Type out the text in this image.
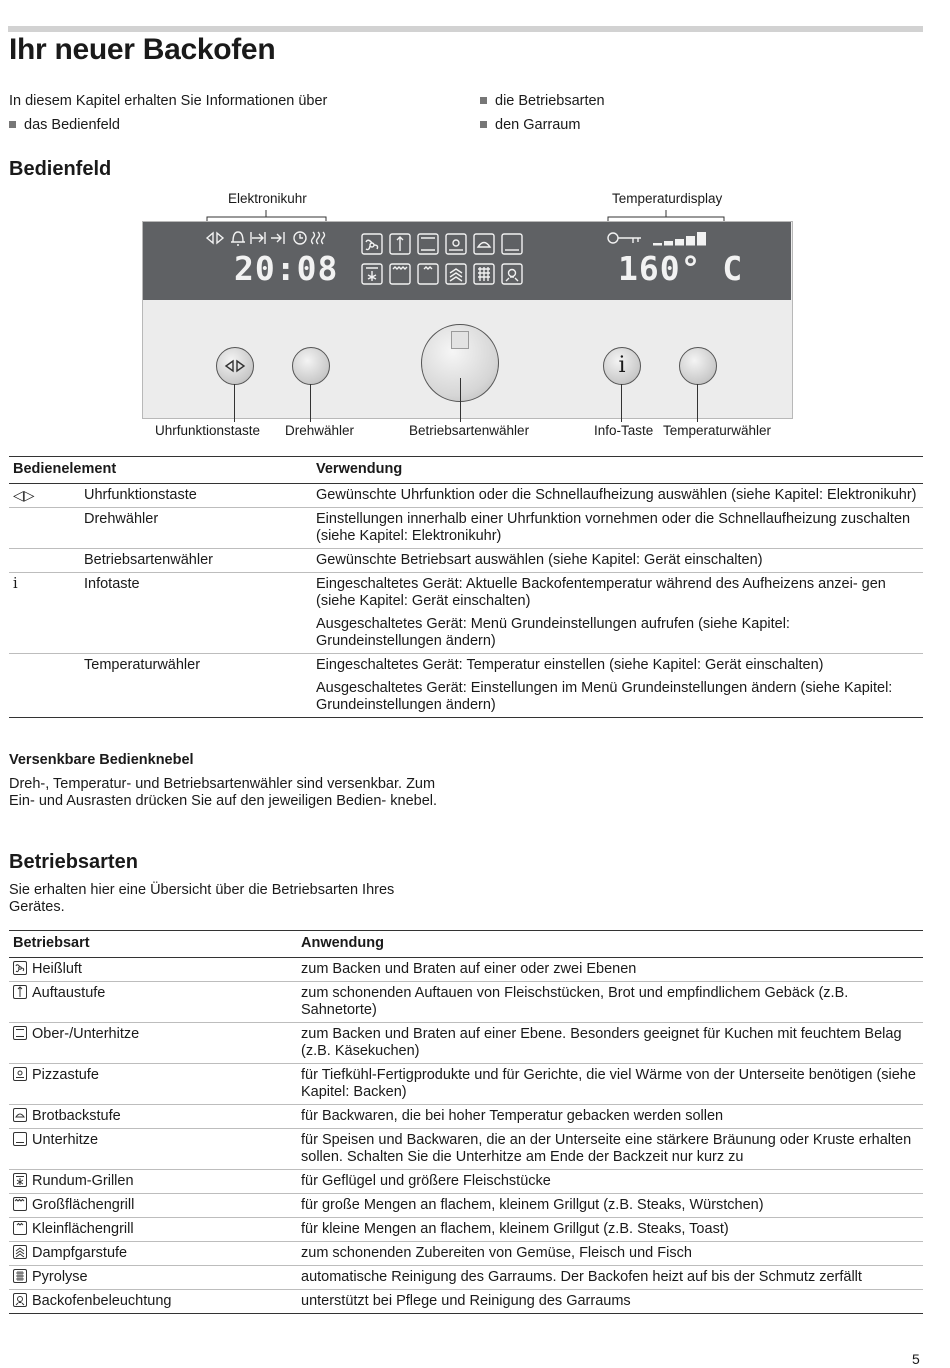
Ihr neuer Backofen
In diesem Kapitel erhalten Sie Informationen über
das Bedienfeld
die Betriebsarten
den Garraum
Bedienfeld
Elektronikuhr	Temperaturdisplay
20:08	160° C
i
Uhrfunktionstaste Drehwähler	Betriebsartenwähler	Info-Taste Temperaturwähler
Bedienelement		Verwendung
◁▷	Uhrfunktionstaste	Gewünschte Uhrfunktion oder die Schnellaufheizung auswählen (siehe Kapitel: Elektronikuhr)
	Drehwähler	Einstellungen innerhalb einer Uhrfunktion vornehmen oder die Schnellaufheizung zuschalten (siehe Kapitel: Elektronikuhr)
	Betriebsartenwähler	Gewünschte Betriebsart auswählen (siehe Kapitel: Gerät einschalten)
i	Infotaste	Eingeschaltetes Gerät: Aktuelle Backofentemperatur während des Aufheizens anzei- gen (siehe Kapitel: Gerät einschalten)
Ausgeschaltetes Gerät: Menü Grundeinstellungen aufrufen (siehe Kapitel: Grundeinstellungen ändern)

	Temperaturwähler	Eingeschaltetes Gerät: Temperatur einstellen (siehe Kapitel: Gerät einschalten)
Ausgeschaltetes Gerät: Einstellungen im Menü Grundeinstellungen ändern (siehe Kapitel: Grundeinstellungen ändern)
Versenkbare Bedienknebel
Dreh-, Temperatur- und Betriebsartenwähler sind versenkbar. Zum Ein- und Ausrasten drücken Sie auf den jeweiligen Bedien- knebel.
Betriebsarten
Sie erhalten hier eine Übersicht über die Betriebsarten Ihres Gerätes.
Betriebsart	Anwendung

Heißluft	zum Backen und Braten auf einer oder zwei Ebenen

Auftaustufe	zum schonenden Auftauen von Fleischstücken, Brot und empfindlichem Gebäck (z.B. Sahnetorte)

Ober-/Unterhitze	zum Backen und Braten auf einer Ebene. Besonders geeignet für Kuchen mit feuchtem Belag (z.B. Käsekuchen)

Pizzastufe	für Tiefkühl-Fertigprodukte und für Gerichte, die viel Wärme von der Unterseite benötigen (siehe Kapitel: Backen)

Brotbackstufe	für Backwaren, die bei hoher Temperatur gebacken werden sollen

Unterhitze	für Speisen und Backwaren, die an der Unterseite eine stärkere Bräunung oder Kruste erhalten sollen. Schalten Sie die Unterhitze am Ende der Backzeit nur kurz zu

Rundum-Grillen	für Geflügel und größere Fleischstücke

Großflächengrill	für große Mengen an flachem, kleinem Grillgut (z.B. Steaks, Würstchen)

Kleinflächengrill	für kleine Mengen an flachem, kleinem Grillgut (z.B. Steaks, Toast)

Dampfgarstufe	zum schonenden Zubereiten von Gemüse, Fleisch und Fisch

Pyrolyse	automatische Reinigung des Garraums. Der Backofen heizt auf bis der Schmutz zerfällt

Backofenbeleuchtung	unterstützt bei Pflege und Reinigung des Garraums
5
